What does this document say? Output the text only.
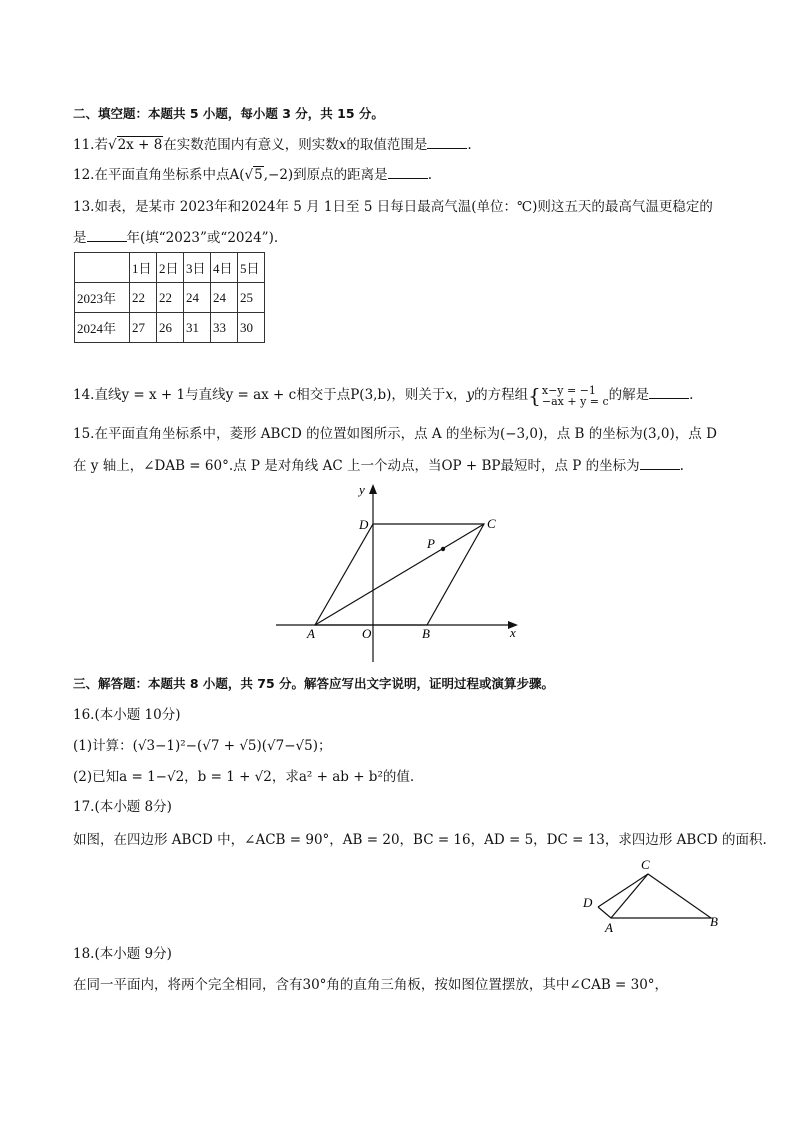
二、填空题：本题共 5 小题，每小题 3 分，共 15 分。
11.若√2x + 8在实数范围内有意义，则实数x的取值范围是	.
12.在平面直角坐标系中点A(√5,−2)到原点的距离是	.
13.如表，是某市 2023年和2024年 5 月 1日至 5 日每日最高气温(单位：℃)则这五天的最高气温更稳定的
是	年(填“2023”或“2024”).
	1日	2日	3日	4日	5日
2023年	22	22	24	24	25
2024年	27	26	31	33	30
14.直线y = x + 1与直线y = ax + c相交于点P(3,b)，则关于x，y的方程组{x−y = −1
−ax + y = c的解是	.
15.在平面直角坐标系中，菱形 ABCD 的位置如图所示，点 A 的坐标为(−3,0)，点 B 的坐标为(3,0)，点 D
在 y 轴上，∠DAB = 60°.点 P 是对角线 AC 上一个动点，当OP + BP最短时，点 P 的坐标为	.
A	O	B	x
y
D	C
P
三、解答题：本题共 8 小题，共 75 分。解答应写出文字说明，证明过程或演算步骤。
16.(本小题 10分)
(1)计算：(√3−1)²−(√7 + √5)(√7−√5)；
(2)已知a = 1−√2，b = 1 + √2，求a² + ab + b²的值.
17.(本小题 8分)
如图，在四边形 ABCD 中，∠ACB = 90°，AB = 20，BC = 16，AD = 5，DC = 13，求四边形 ABCD 的面积.
C
D
A	B
18.(本小题 9分)
在同一平面内，将两个完全相同，含有30°角的直角三角板，按如图位置摆放，其中∠CAB = 30°，
